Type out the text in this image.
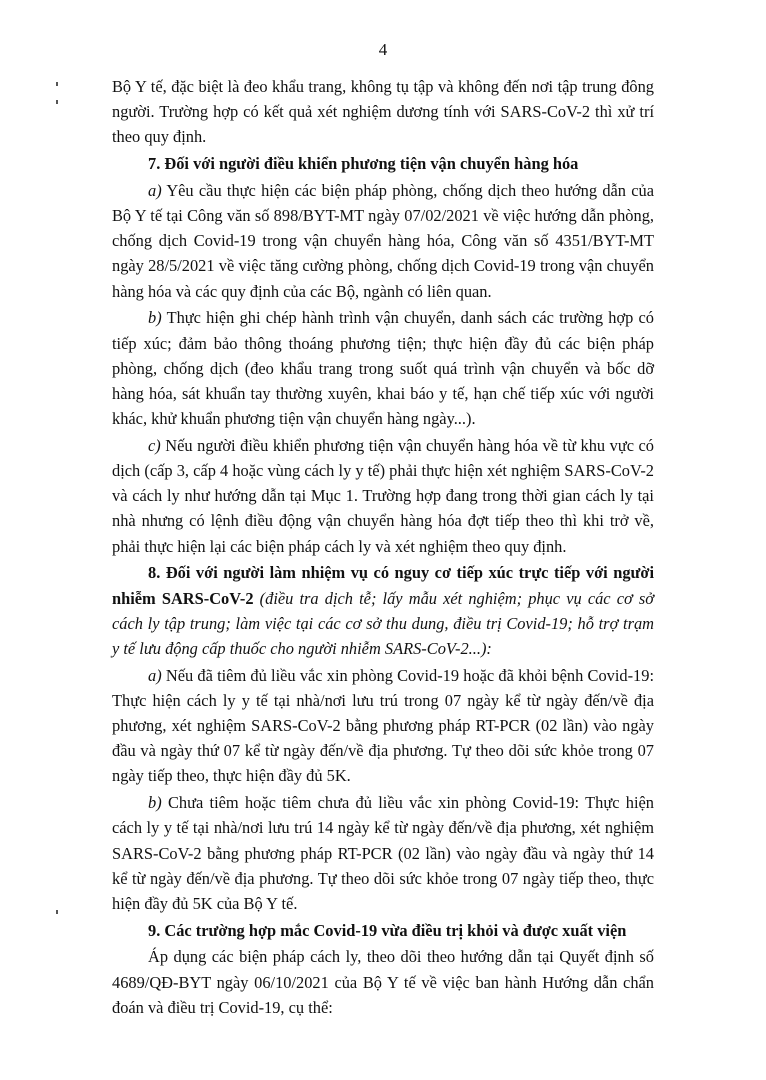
4

Bộ Y tế, đặc biệt là đeo khẩu trang, không tụ tập và không đến nơi tập trung đông người. Trường hợp có kết quả xét nghiệm dương tính với SARS-CoV-2 thì xử trí theo quy định.

7. Đối với người điều khiển phương tiện vận chuyển hàng hóa

a) Yêu cầu thực hiện các biện pháp phòng, chống dịch theo hướng dẫn của Bộ Y tế tại Công văn số 898/BYT-MT ngày 07/02/2021 về việc hướng dẫn phòng, chống dịch Covid-19 trong vận chuyển hàng hóa, Công văn số 4351/BYT-MT ngày 28/5/2021 về việc tăng cường phòng, chống dịch Covid-19 trong vận chuyển hàng hóa và các quy định của các Bộ, ngành có liên quan.

b) Thực hiện ghi chép hành trình vận chuyển, danh sách các trường hợp có tiếp xúc; đảm bảo thông thoáng phương tiện; thực hiện đầy đủ các biện pháp phòng, chống dịch (đeo khẩu trang trong suốt quá trình vận chuyển và bốc dỡ hàng hóa, sát khuẩn tay thường xuyên, khai báo y tế, hạn chế tiếp xúc với người khác, khử khuẩn phương tiện vận chuyển hàng ngày...).

c) Nếu người điều khiển phương tiện vận chuyển hàng hóa về từ khu vực có dịch (cấp 3, cấp 4 hoặc vùng cách ly y tế) phải thực hiện xét nghiệm SARS-CoV-2 và cách ly như hướng dẫn tại Mục 1. Trường hợp đang trong thời gian cách ly tại nhà nhưng có lệnh điều động vận chuyển hàng hóa đợt tiếp theo thì khi trở về, phải thực hiện lại các biện pháp cách ly và xét nghiệm theo quy định.

8. Đối với người làm nhiệm vụ có nguy cơ tiếp xúc trực tiếp với người nhiễm SARS-CoV-2 (điều tra dịch tễ; lấy mẫu xét nghiệm; phục vụ các cơ sở cách ly tập trung; làm việc tại các cơ sở thu dung, điều trị Covid-19; hỗ trợ trạm y tế lưu động cấp thuốc cho người nhiễm SARS-CoV-2...):

a) Nếu đã tiêm đủ liều vắc xin phòng Covid-19 hoặc đã khỏi bệnh Covid-19: Thực hiện cách ly y tế tại nhà/nơi lưu trú trong 07 ngày kể từ ngày đến/về địa phương, xét nghiệm SARS-CoV-2 bằng phương pháp RT-PCR (02 lần) vào ngày đầu và ngày thứ 07 kể từ ngày đến/về địa phương. Tự theo dõi sức khỏe trong 07 ngày tiếp theo, thực hiện đầy đủ 5K.

b) Chưa tiêm hoặc tiêm chưa đủ liều vắc xin phòng Covid-19: Thực hiện cách ly y tế tại nhà/nơi lưu trú 14 ngày kể từ ngày đến/về địa phương, xét nghiệm SARS-CoV-2 bằng phương pháp RT-PCR (02 lần) vào ngày đầu và ngày thứ 14 kể từ ngày đến/về địa phương. Tự theo dõi sức khỏe trong 07 ngày tiếp theo, thực hiện đầy đủ 5K của Bộ Y tế.

9. Các trường hợp mắc Covid-19 vừa điều trị khỏi và được xuất viện

Áp dụng các biện pháp cách ly, theo dõi theo hướng dẫn tại Quyết định số 4689/QĐ-BYT ngày 06/10/2021 của Bộ Y tế về việc ban hành Hướng dẫn chẩn đoán và điều trị Covid-19, cụ thể:
